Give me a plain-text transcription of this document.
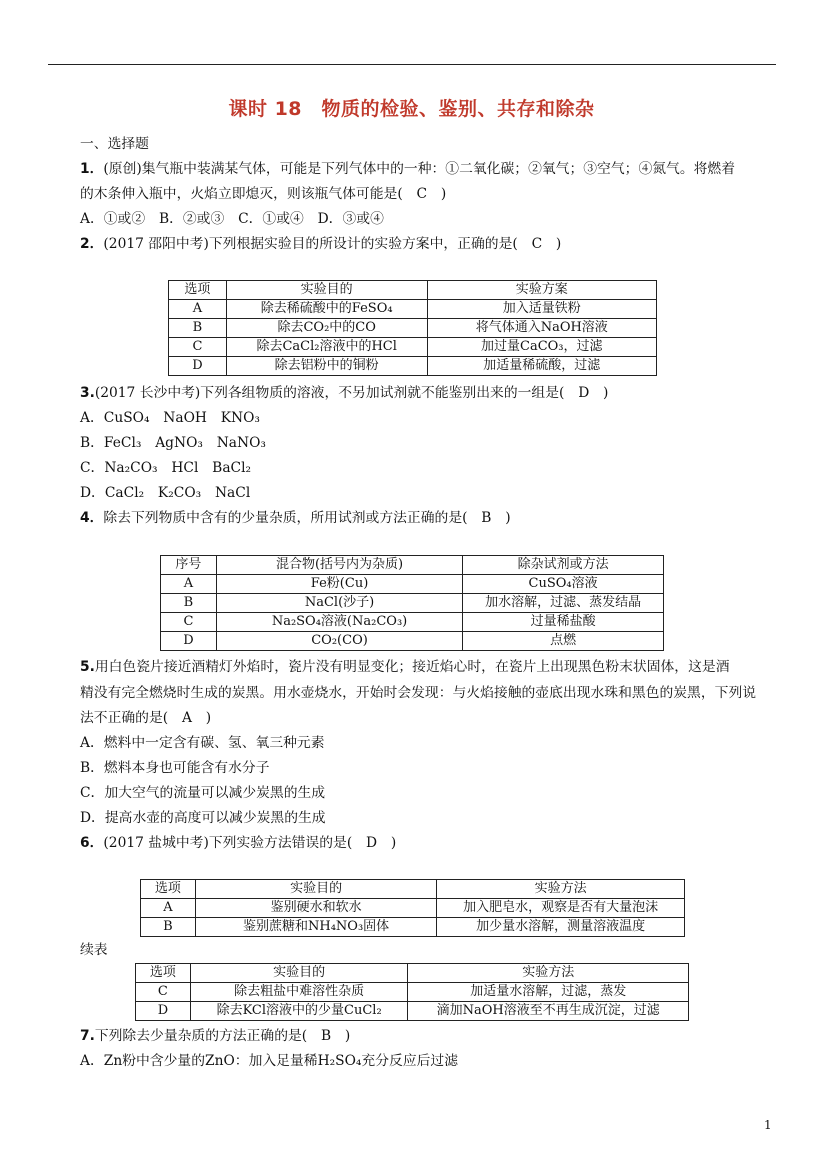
课时 18　物质的检验、鉴别、共存和除杂
一、选择题
1．(原创)集气瓶中装满某气体，可能是下列气体中的一种：①二氧化碳；②氧气；③空气；④氮气。将燃着
的木条伸入瓶中，火焰立即熄灭，则该瓶气体可能是(　C　)
A．①或②　B．②或③　C．①或④　D．③或④
2．(2017 邵阳中考)下列根据实验目的所设计的实验方案中，正确的是(　C　)
选项	实验目的	实验方案
A	除去稀硫酸中的FeSO₄	加入适量铁粉
B	除去CO₂中的CO	将气体通入NaOH溶液
C	除去CaCl₂溶液中的HCl	加过量CaCO₃，过滤
D	除去铝粉中的铜粉	加适量稀硫酸，过滤
3.(2017 长沙中考)下列各组物质的溶液，不另加试剂就不能鉴别出来的一组是(　D　)
A．CuSO₄　NaOH　KNO₃
B．FeCl₃　AgNO₃　NaNO₃
C．Na₂CO₃　HCl　BaCl₂
D．CaCl₂　K₂CO₃　NaCl
4．除去下列物质中含有的少量杂质，所用试剂或方法正确的是(　B　)
序号	混合物(括号内为杂质)	除杂试剂或方法
A	Fe粉(Cu)	CuSO₄溶液
B	NaCl(沙子)	加水溶解，过滤、蒸发结晶
C	Na₂SO₄溶液(Na₂CO₃)	过量稀盐酸
D	CO₂(CO)	点燃
5.用白色瓷片接近酒精灯外焰时，瓷片没有明显变化；接近焰心时，在瓷片上出现黑色粉末状固体，这是酒
精没有完全燃烧时生成的炭黑。用水壶烧水，开始时会发现：与火焰接触的壶底出现水珠和黑色的炭黑，下列说
法不正确的是(　A　)
A．燃料中一定含有碳、氢、氧三种元素
B．燃料本身也可能含有水分子
C．加大空气的流量可以减少炭黑的生成
D．提高水壶的高度可以减少炭黑的生成
6．(2017 盐城中考)下列实验方法错误的是(　D　)
选项	实验目的	实验方法
A	鉴别硬水和软水	加入肥皂水，观察是否有大量泡沫
B	鉴别蔗糖和NH₄NO₃固体	加少量水溶解，测量溶液温度
续表
选项	实验目的	实验方法
C	除去粗盐中难溶性杂质	加适量水溶解，过滤，蒸发
D	除去KCl溶液中的少量CuCl₂	滴加NaOH溶液至不再生成沉淀，过滤
7.下列除去少量杂质的方法正确的是(　B　)
A．Zn粉中含少量的ZnO：加入足量稀H₂SO₄充分反应后过滤
1
